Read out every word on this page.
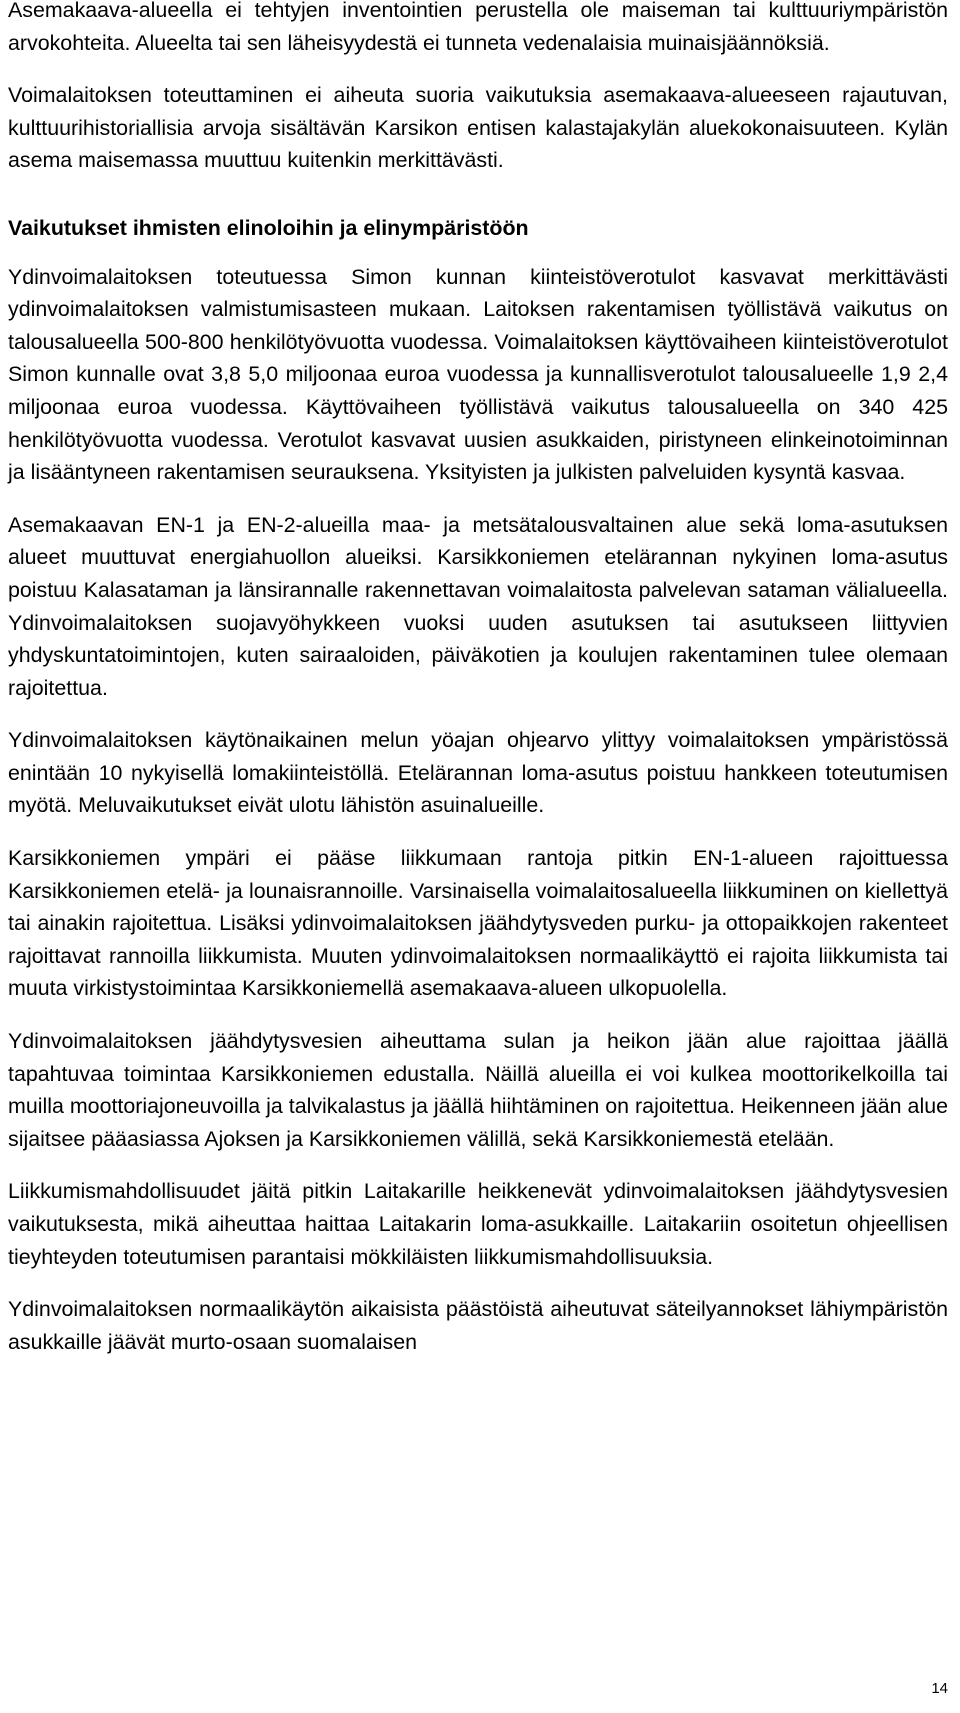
Asemakaava-alueella ei tehtyjen inventointien perustella ole maiseman tai kulttuuriympäristön arvokohteita. Alueelta tai sen läheisyydestä ei tunneta vedenalaisia muinaisjäännöksiä.

Voimalaitoksen toteuttaminen ei aiheuta suoria vaikutuksia asemakaava-alueeseen rajautuvan, kulttuurihistoriallisia arvoja sisältävän Karsikon entisen kalastajakylän aluekokonaisuuteen. Kylän asema maisemassa muuttuu kuitenkin merkittävästi.

Vaikutukset ihmisten elinoloihin ja elinympäristöön

Ydinvoimalaitoksen toteutuessa Simon kunnan kiinteistöverotulot kasvavat merkittävästi ydinvoimalaitoksen valmistumisasteen mukaan. Laitoksen rakentamisen työllistävä vaikutus on talousalueella 500-800 henkilötyövuotta vuodessa. Voimalaitoksen käyttövaiheen kiinteistöverotulot Simon kunnalle ovat 3,8 5,0 miljoonaa euroa vuodessa ja kunnallisverotulot talousalueelle 1,9 2,4 miljoonaa euroa vuodessa. Käyttövaiheen työllistävä vaikutus talousalueella on 340 425 henkilötyövuotta vuodessa. Verotulot kasvavat uusien asukkaiden, piristyneen elinkeinotoiminnan ja lisääntyneen rakentamisen seurauksena. Yksityisten ja julkisten palveluiden kysyntä kasvaa.

Asemakaavan EN-1 ja EN-2-alueilla maa- ja metsätalousvaltainen alue sekä loma-asutuksen alueet muuttuvat energiahuollon alueiksi. Karsikkoniemen etelärannan nykyinen loma-asutus poistuu Kalasataman ja länsirannalle rakennettavan voimalaitosta palvelevan sataman välialueella. Ydinvoimalaitoksen suojavyöhykkeen vuoksi uuden asutuksen tai asutukseen liittyvien yhdyskuntatoimintojen, kuten sairaaloiden, päiväkotien ja koulujen rakentaminen tulee olemaan rajoitettua.

Ydinvoimalaitoksen käytönaikainen melun yöajan ohjearvo ylittyy voimalaitoksen ympäristössä enintään 10 nykyisellä lomakiinteistöllä. Etelärannan loma-asutus poistuu hankkeen toteutumisen myötä. Meluvaikutukset eivät ulotu lähistön asuinalueille.

Karsikkoniemen ympäri ei pääse liikkumaan rantoja pitkin EN-1-alueen rajoittuessa Karsikkoniemen etelä- ja lounaisrannoille. Varsinaisella voimalaitosalueella liikkuminen on kiellettyä tai ainakin rajoitettua. Lisäksi ydinvoimalaitoksen jäähdytysveden purku- ja ottopaikkojen rakenteet rajoittavat rannoilla liikkumista. Muuten ydinvoimalaitoksen normaalikäyttö ei rajoita liikkumista tai muuta virkistystoimintaa Karsikkoniemellä asemakaava-alueen ulkopuolella.

Ydinvoimalaitoksen jäähdytysvesien aiheuttama sulan ja heikon jään alue rajoittaa jäällä tapahtuvaa toimintaa Karsikkoniemen edustalla. Näillä alueilla ei voi kulkea moottorikelkoilla tai muilla moottoriajoneuvoilla ja talvikalastus ja jäällä hiihtäminen on rajoitettua. Heikenneen jään alue sijaitsee pääasiassa Ajoksen ja Karsikkoniemen välillä, sekä Karsikkoniemestä etelään.

Liikkumismahdollisuudet jäitä pitkin Laitakarille heikkenevät ydinvoimalaitoksen jäähdytysvesien vaikutuksesta, mikä aiheuttaa haittaa Laitakarin loma-asukkaille. Laitakariin osoitetun ohjeellisen tieyhteyden toteutumisen parantaisi mökkiläisten liikkumismahdollisuuksia.

Ydinvoimalaitoksen normaalikäytön aikaisista päästöistä aiheutuvat säteilyannokset lähiympäristön asukkaille jäävät murto-osaan suomalaisen

14
